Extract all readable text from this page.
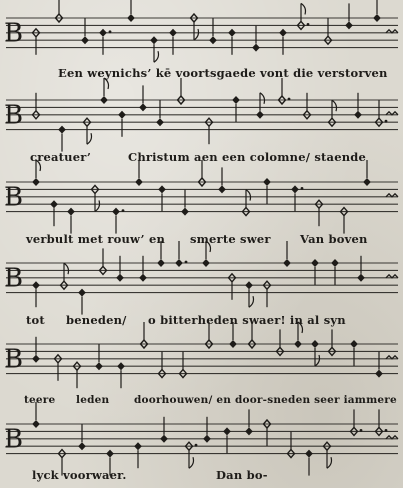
B
B
B
B
B
B

Een weynichs’ kē voortsgaede vont die verstorven

creatuer’

	Christum aen een colomne/ staende

verbult met rouw’ en

smerte swer

	Van boven

tot

beneden/

o bitterheden swaer! in al syn

teere

leden

doorhouwen/ en door-sneden seer iammere

lyck voorwaer.

	Dan bo-
